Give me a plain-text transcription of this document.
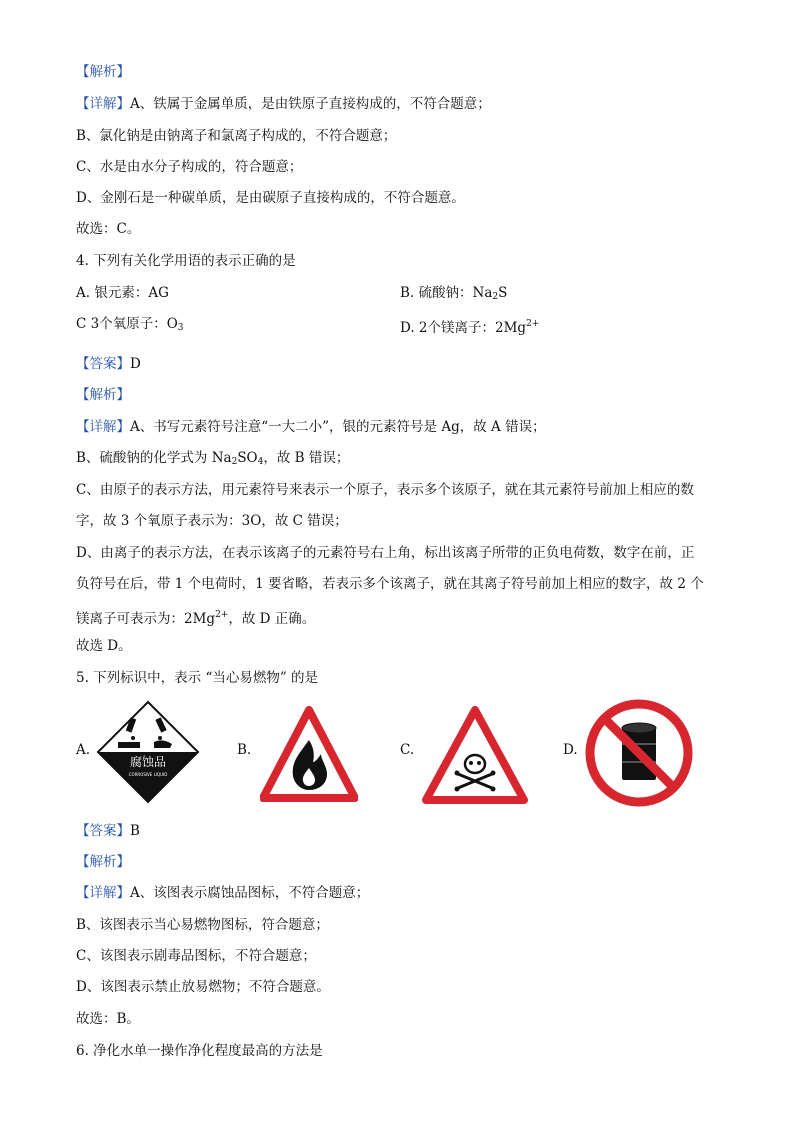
【解析】
【详解】A、铁属于金属单质，是由铁原子直接构成的，不符合题意；
B、氯化钠是由钠离子和氯离子构成的，不符合题意；
C、水是由水分子构成的，符合题意；
D、金刚石是一种碳单质，是由碳原子直接构成的，不符合题意。
故选：C。
4. 下列有关化学用语的表示正确的是
A. 银元素：AG	B. 硫酸钠：$Na_2S$
C 3个氧原子：$O_3$	D. 2个镁离子：$2Mg^{2+}$
【答案】D
【解析】
【详解】A、书写元素符号注意“一大二小”，银的元素符号是 Ag，故 A 错误；
B、硫酸钠的化学式为 $Na_2SO_4$，故 B 错误；
C、由原子的表示方法，用元素符号来表示一个原子，表示多个该原子，就在其元素符号前加上相应的数
字，故 3 个氧原子表示为：3O，故 C 错误；
D、由离子的表示方法，在表示该离子的元素符号右上角，标出该离子所带的正负电荷数，数字在前，正
负符号在后，带 1 个电荷时，1 要省略，若表示多个该离子，就在其离子符号前加上相应的数字，故 2 个
镁离子可表示为：$2Mg^{2+}$，故 D 正确。
故选 D。
5. 下列标识中，表示 “当心易燃物” 的是
A.
腐蚀品
CORROSIVE LIQUID
B.	C.	D.
【答案】B
【解析】
【详解】A、该图表示腐蚀品图标，不符合题意；
B、该图表示当心易燃物图标，符合题意；
C、该图表示剧毒品图标，不符合题意；
D、该图表示禁止放易燃物；不符合题意。
故选：B。
6. 净化水单一操作净化程度最高的方法是
